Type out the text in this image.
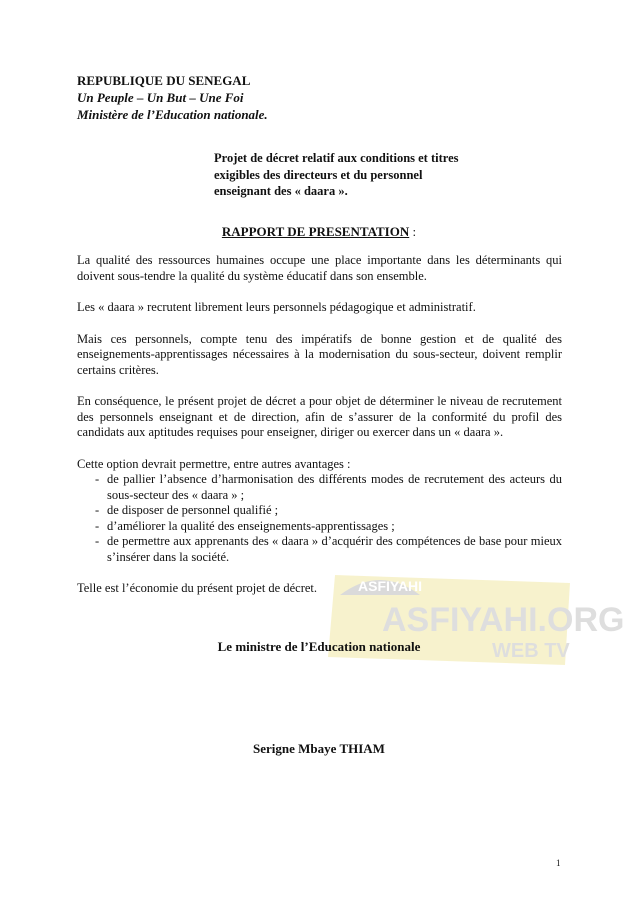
ASFIYAHI
ASFIYAHI.ORG
WEB TV
REPUBLIQUE DU SENEGAL
Un Peuple – Un But – Une Foi
Ministère de l’Education nationale.
Projet de décret relatif aux conditions et titres
exigibles des directeurs et du personnel
enseignant des « daara ».
RAPPORT DE PRESENTATION :

La qualité des ressources humaines occupe une place importante dans les déterminants qui doivent sous-tendre la qualité du système éducatif dans son ensemble.

Les « daara » recrutent librement leurs personnels pédagogique et administratif.

Mais ces personnels, compte tenu des impératifs de bonne gestion et de qualité des enseignements-apprentissages nécessaires à la modernisation du sous-secteur, doivent remplir certains critères.

En conséquence, le présent projet de décret a pour objet de déterminer le niveau de recrutement des personnels enseignant et de direction, afin de s’assurer de la conformité du profil des candidats aux aptitudes requises pour enseigner, diriger ou exercer dans un « daara ».

Cette option devrait permettre, entre autres avantages :

- de pallier l’absence d’harmonisation des différents modes de recrutement des acteurs du sous-secteur des « daara » ;
- de disposer de personnel qualifié ;
- d’améliorer la qualité des enseignements-apprentissages ;
- de permettre aux apprenants des « daara » d’acquérir des compétences de base pour mieux s’insérer dans la société.

Telle est l’économie du présent projet de décret.

Le ministre de l’Education nationale
Serigne Mbaye THIAM
1
